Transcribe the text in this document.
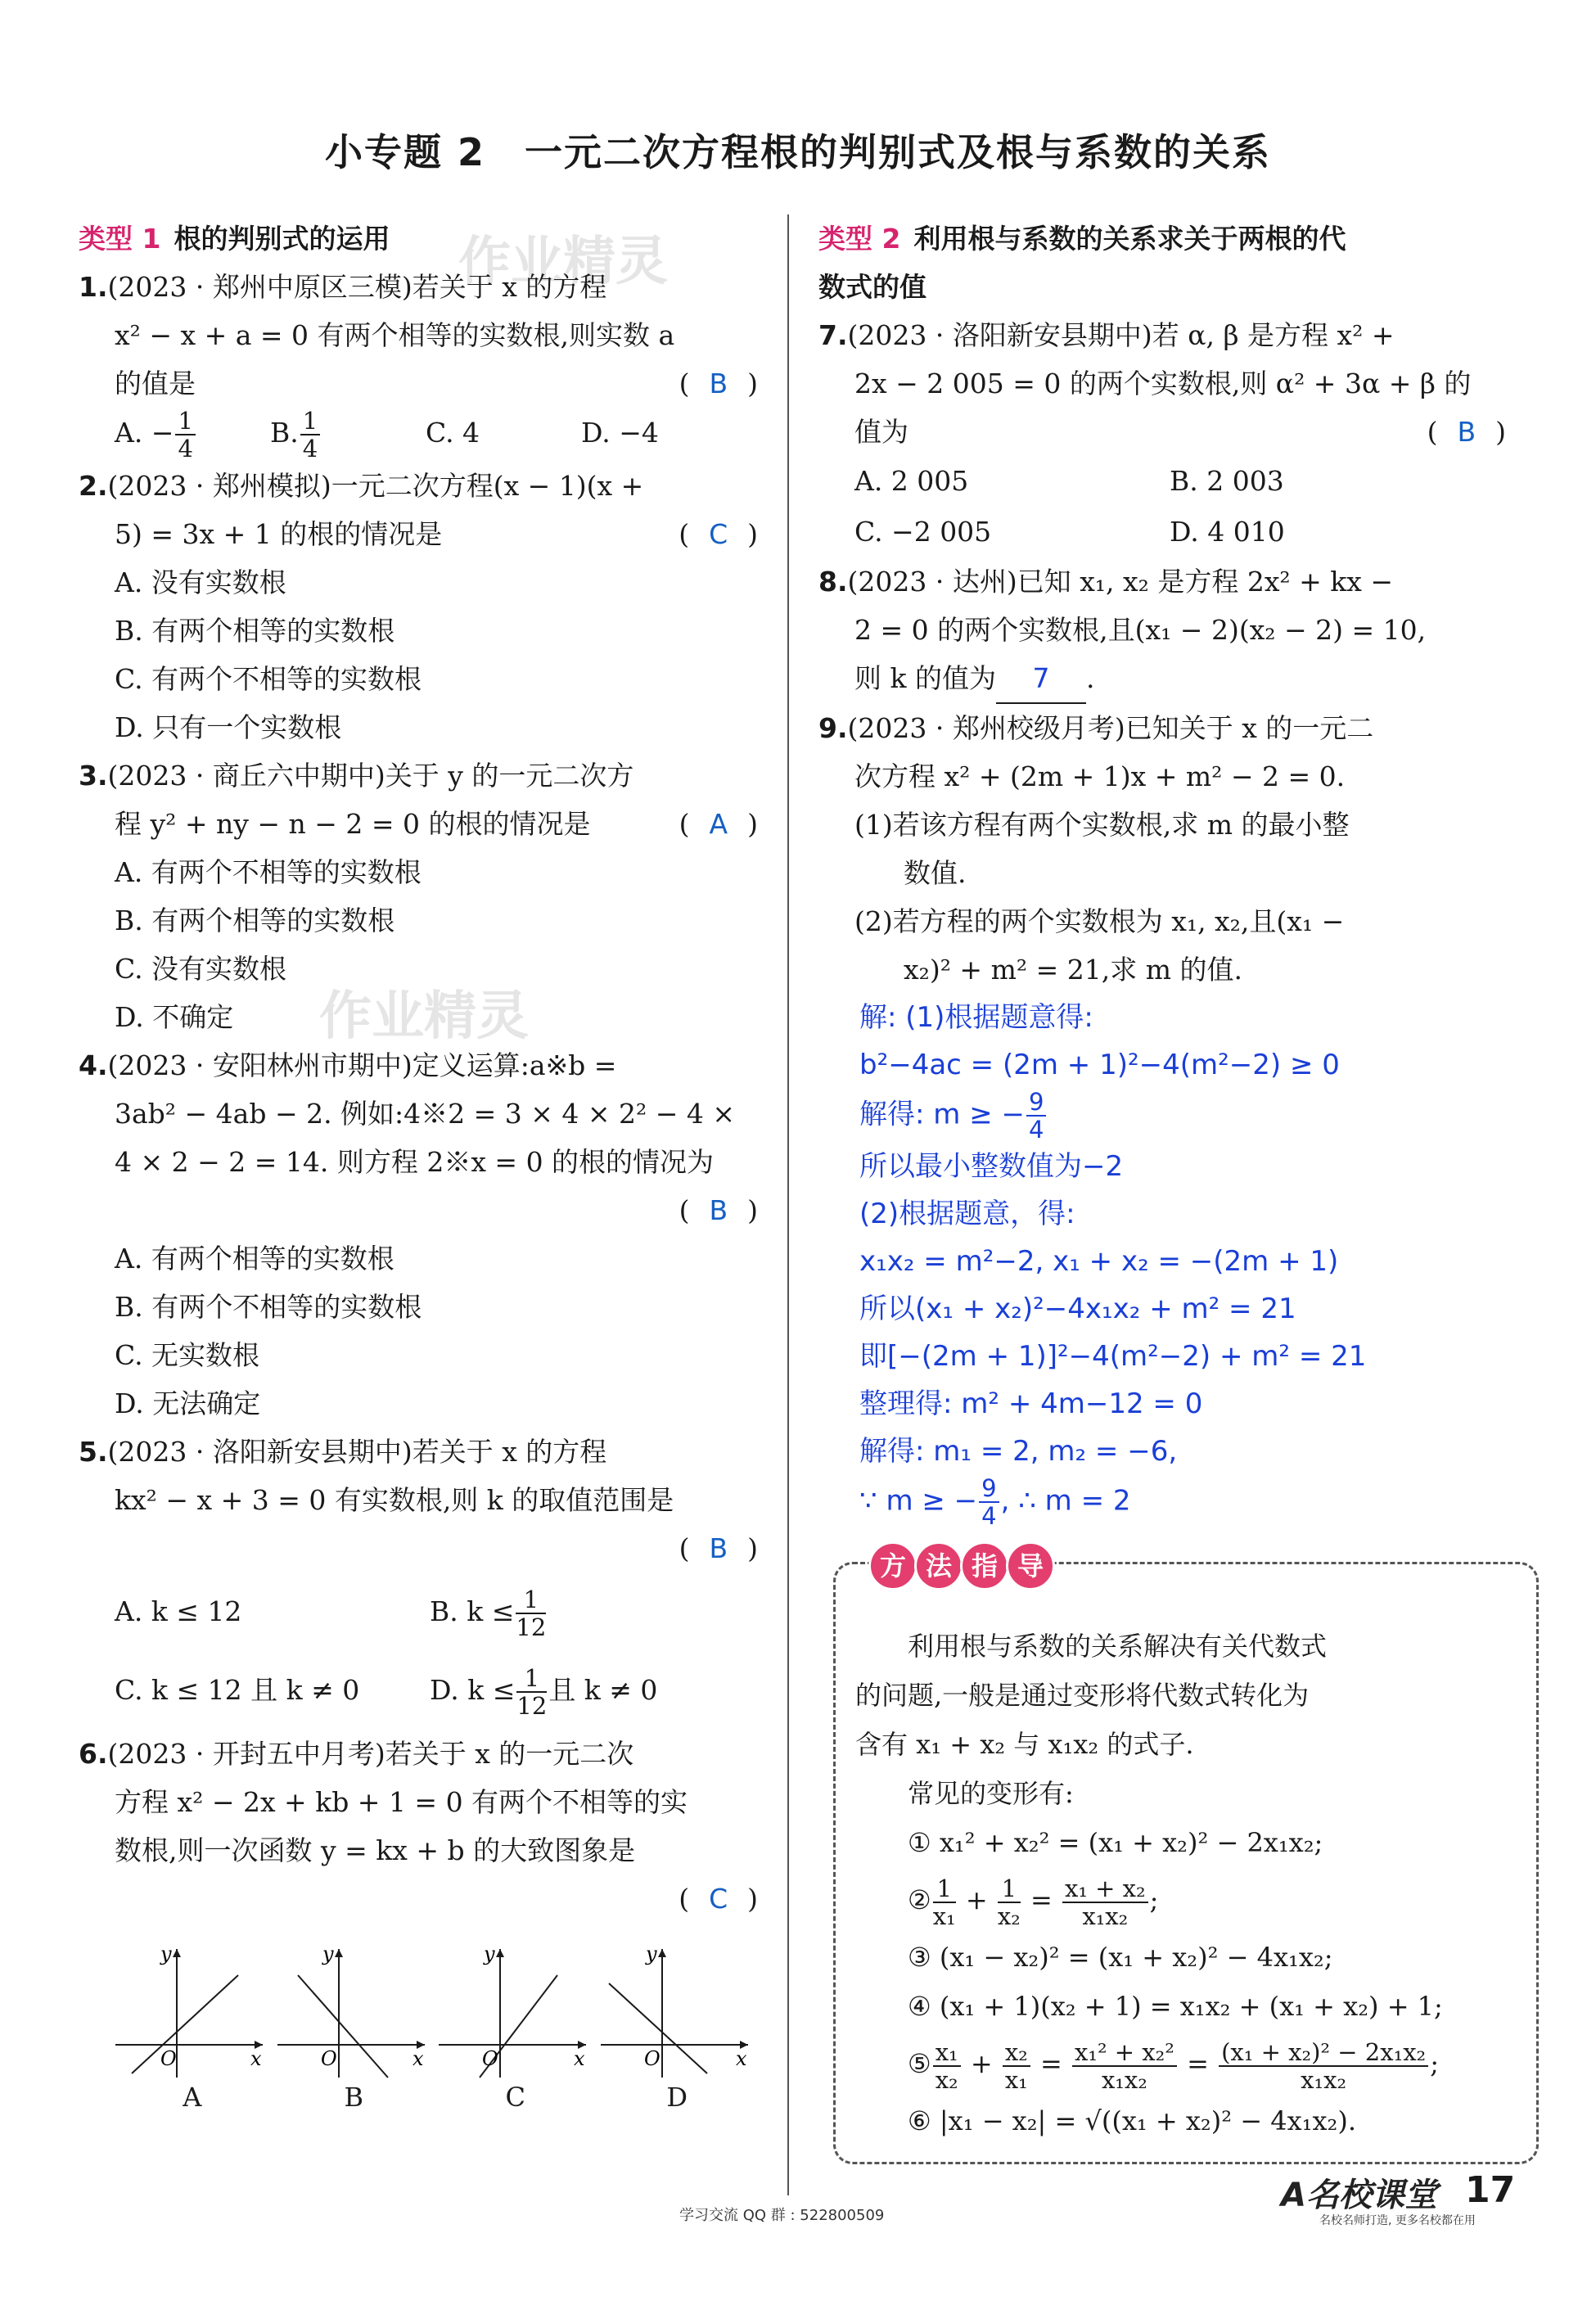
小专题 2　一元二次方程根的判别式及根与系数的关系
作业精灵
作业精灵
类型 1 根的判别式的运用
1.(2023 · 郑州中原区三模)若关于 x 的方程
x² − x + a = 0 有两个相等的实数根,则实数 a
的值是	( B )
A. − $\frac{1}{4}$	B. $\frac{1}{4}$	C. 4	D. −4
2.(2023 · 郑州模拟)一元二次方程(x − 1)(x +
5) = 3x + 1 的根的情况是	( C )
A. 没有实数根
B. 有两个相等的实数根
C. 有两个不相等的实数根
D. 只有一个实数根
3.(2023 · 商丘六中期中)关于 y 的一元二次方
程 y² + ny − n − 2 = 0 的根的情况是	( A )
A. 有两个不相等的实数根
B. 有两个相等的实数根
C. 没有实数根
D. 不确定
4.(2023 · 安阳林州市期中)定义运算:a※b =
3ab² − 4ab − 2. 例如:4※2 = 3 × 4 × 2² − 4 ×
4 × 2 − 2 = 14. 则方程 2※x = 0 的根的情况为
( B )

A. 有两个相等的实数根
B. 有两个不相等的实数根
C. 无实数根
D. 无法确定
5.(2023 · 洛阳新安县期中)若关于 x 的方程
kx² − x + 3 = 0 有实数根,则 k 的取值范围是
( B )

A. k ≤ 12	B. $k \le \frac{1}{12}$
C. k ≤ 12 且 k ≠ 0	D. $k \le \frac{1}{12}$ 且 k ≠ 0
6.(2023 · 开封五中月考)若关于 x 的一元二次
方程 x² − 2x + kb + 1 = 0 有两个不相等的实
数根,则一次函数 y = kx + b 的大致图象是
( C )

O
y
x
A
O
y
x
B
O
y
x
C
O
y
x
D
类型 2 利用根与系数的关系求关于两根的代
数式的值
7.(2023 · 洛阳新安县期中)若 α, β 是方程 x² +
2x − 2 005 = 0 的两个实数根,则 α² + 3α + β 的
值为	( B )
A. 2 005	B. 2 003
C. −2 005	D. 4 010
8.(2023 · 达州)已知 x₁, x₂ 是方程 2x² + kx −
2 = 0 的两个实数根,且(x₁ − 2)(x₂ − 2) = 10,
则 k 的值为 7 .
9.(2023 · 郑州校级月考)已知关于 x 的一元二
次方程 x² + (2m + 1)x + m² − 2 = 0.
(1)若该方程有两个实数根,求 m 的最小整
数值.
(2)若方程的两个实数根为 x₁, x₂,且(x₁ −
x₂)² + m² = 21,求 m 的值.
解: (1)根据题意得:
b²−4ac = (2m + 1)²−4(m²−2) ≥ 0
解得: m ≥ − $\frac{9}{4}$
所以最小整数值为−2
(2)根据题意，得:
x₁x₂ = m²−2, x₁ + x₂ = −(2m + 1)
所以(x₁ + x₂)²−4x₁x₂ + m² = 21
即[−(2m + 1)]²−4(m²−2) + m² = 21
整理得: m² + 4m−12 = 0
解得: m₁ = 2, m₂ = −6,
∵ m ≥ − $\frac{9}{4}$ , ∴ m = 2
方 法 指 导
利用根与系数的关系解决有关代数式
的问题,一般是通过变形将代数式转化为
含有 x₁ + x₂ 与 x₁x₂ 的式子.
常见的变形有:
① x₁² + x₂² = (x₁ + x₂)² − 2x₁x₂;
② $\frac{1}{\text{x₁}} + \frac{1}{\text{x₂}} = \frac{\text{x₁ + x₂}}{\text{x₁x₂}}$ ;
③ (x₁ − x₂)² = (x₁ + x₂)² − 4x₁x₂;
④ (x₁ + 1)(x₂ + 1) = x₁x₂ + (x₁ + x₂) + 1;
⑤ $\frac{\text{x₁}}{\text{x₂}} + \frac{\text{x₂}}{\text{x₁}} = \frac{\text{x₁² + x₂²}}{\text{x₁x₂}} = \frac{\text{(x₁ + x₂)² − 2x₁x₂}}{\text{x₁x₂}}$ ;
⑥ |x₁ − x₂| = √((x₁ + x₂)² − 4x₁x₂).
学习交流 QQ 群 : 522800509
A名校课堂
名校名师打造, 更多名校都在用
17
